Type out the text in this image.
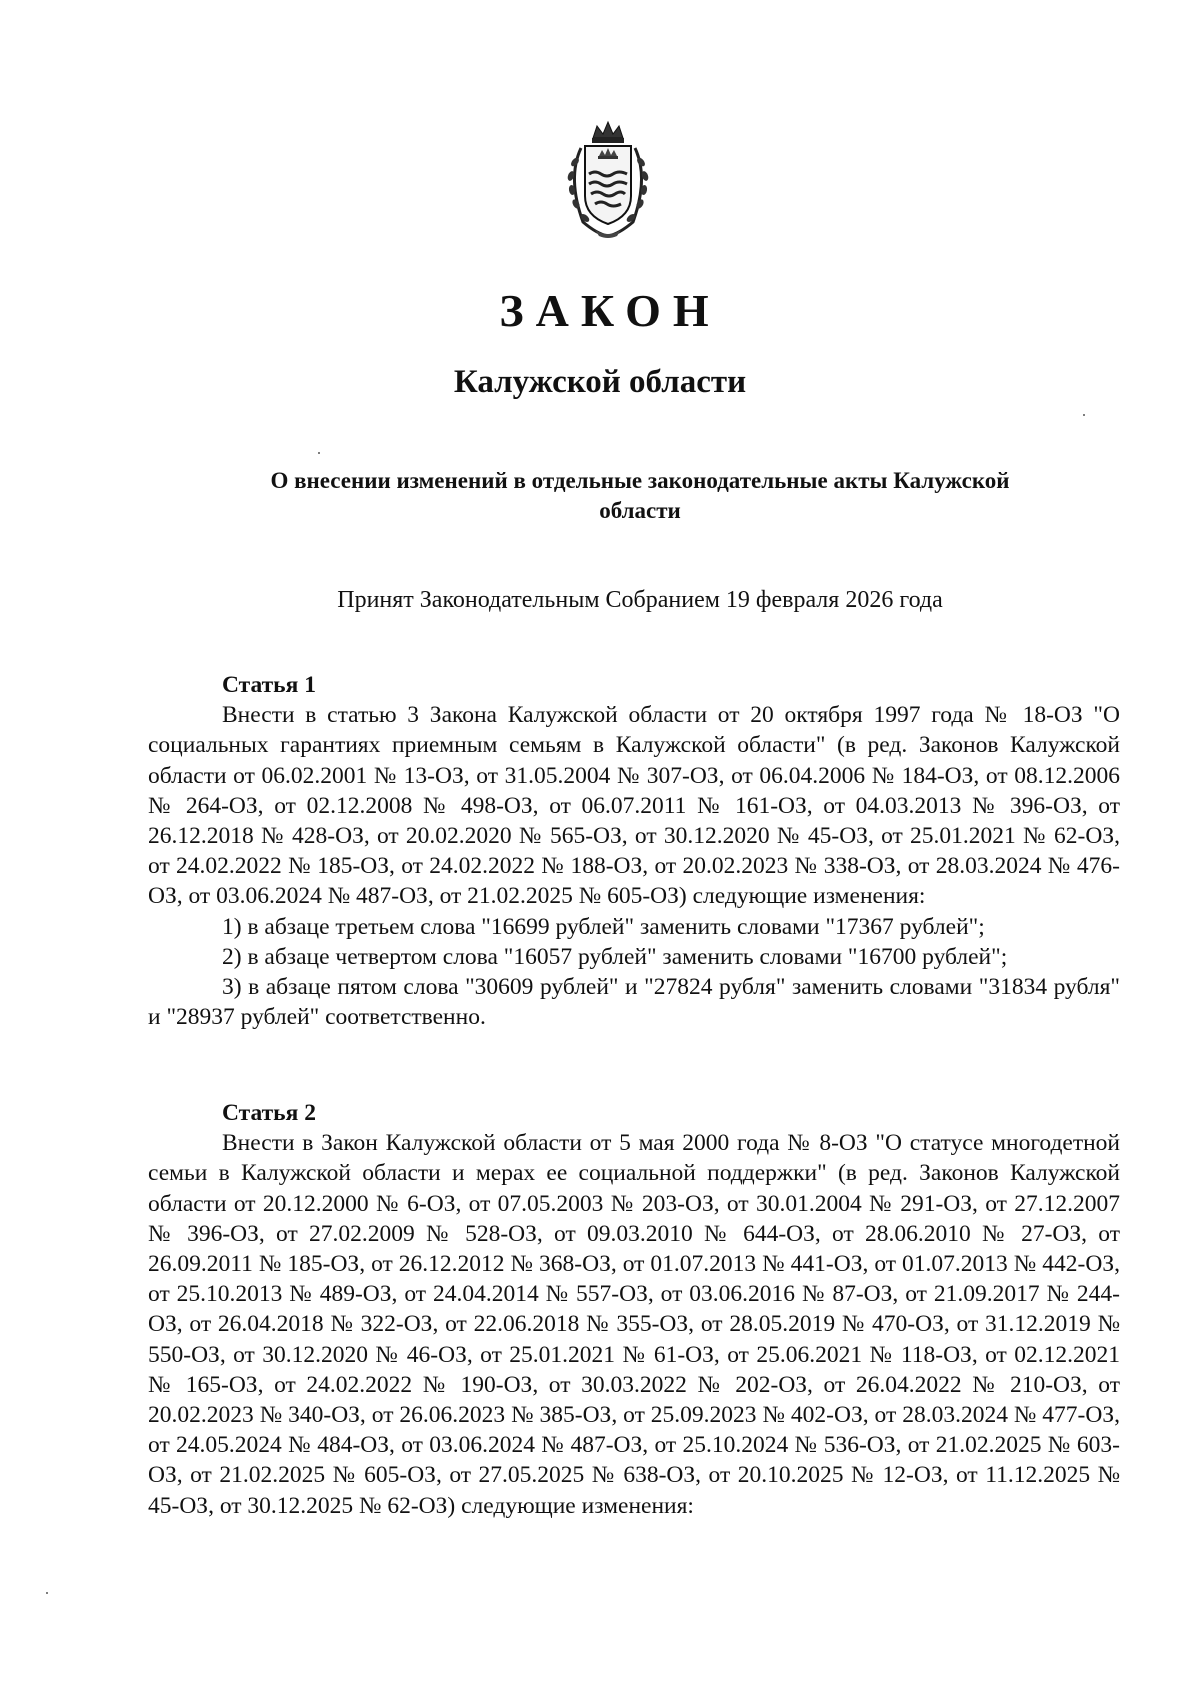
ЗАКОН
Калужской области
О внесении изменений в отдельные законодательные акты Калужской области
Принят Законодательным Собранием 19 февраля 2026 года
Статья 1

Внести в статью 3 Закона Калужской области от 20 октября 1997 года № 18-ОЗ "О социальных гарантиях приемным семьям в Калужской области" (в ред. Законов Калужской области от 06.02.2001 № 13-ОЗ, от 31.05.2004 № 307-ОЗ, от 06.04.2006 № 184-ОЗ, от 08.12.2006 № 264-ОЗ, от 02.12.2008 № 498-ОЗ, от 06.07.2011 № 161-ОЗ, от 04.03.2013 № 396-ОЗ, от 26.12.2018 № 428-ОЗ, от 20.02.2020 № 565-ОЗ, от 30.12.2020 № 45-ОЗ, от 25.01.2021 № 62-ОЗ, от 24.02.2022 № 185-ОЗ, от 24.02.2022 № 188-ОЗ, от 20.02.2023 № 338-ОЗ, от 28.03.2024 № 476-ОЗ, от 03.06.2024 № 487-ОЗ, от 21.02.2025 № 605-ОЗ) следующие изменения:

1) в абзаце третьем слова "16699 рублей" заменить словами "17367 рублей";

2) в абзаце четвертом слова "16057 рублей" заменить словами "16700 рублей";

3) в абзаце пятом слова "30609 рублей" и "27824 рубля" заменить словами "31834 рубля" и "28937 рублей" соответственно.

Статья 2

Внести в Закон Калужской области от 5 мая 2000 года № 8-ОЗ "О статусе многодетной семьи в Калужской области и мерах ее социальной поддержки" (в ред. Законов Калужской области от 20.12.2000 № 6-ОЗ, от 07.05.2003 № 203-ОЗ, от 30.01.2004 № 291-ОЗ, от 27.12.2007 № 396-ОЗ, от 27.02.2009 № 528-ОЗ, от 09.03.2010 № 644-ОЗ, от 28.06.2010 № 27-ОЗ, от 26.09.2011 № 185-ОЗ, от 26.12.2012 № 368-ОЗ, от 01.07.2013 № 441-ОЗ, от 01.07.2013 № 442-ОЗ, от 25.10.2013 № 489-ОЗ, от 24.04.2014 № 557-ОЗ, от 03.06.2016 № 87-ОЗ, от 21.09.2017 № 244-ОЗ, от 26.04.2018 № 322-ОЗ, от 22.06.2018 № 355-ОЗ, от 28.05.2019 № 470-ОЗ, от 31.12.2019 № 550-ОЗ, от 30.12.2020 № 46-ОЗ, от 25.01.2021 № 61-ОЗ, от 25.06.2021 № 118-ОЗ, от 02.12.2021 № 165-ОЗ, от 24.02.2022 № 190-ОЗ, от 30.03.2022 № 202-ОЗ, от 26.04.2022 № 210-ОЗ, от 20.02.2023 № 340-ОЗ, от 26.06.2023 № 385-ОЗ, от 25.09.2023 № 402-ОЗ, от 28.03.2024 № 477-ОЗ, от 24.05.2024 № 484-ОЗ, от 03.06.2024 № 487-ОЗ, от 25.10.2024 № 536-ОЗ, от 21.02.2025 № 603-ОЗ, от 21.02.2025 № 605-ОЗ, от 27.05.2025 № 638-ОЗ, от 20.10.2025 № 12-ОЗ, от 11.12.2025 № 45-ОЗ, от 30.12.2025 № 62-ОЗ) следующие изменения:
